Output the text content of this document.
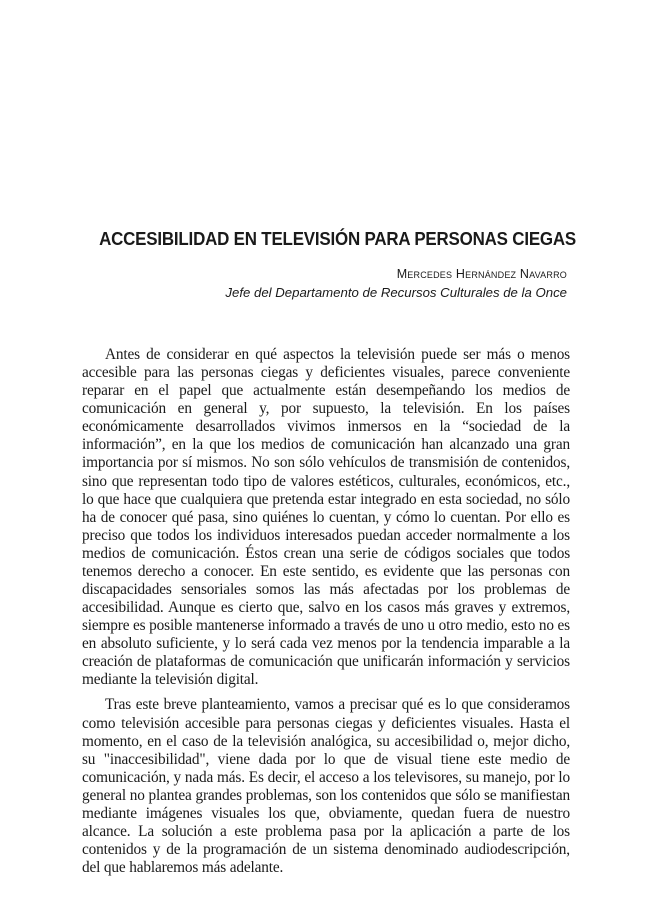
ACCESIBILIDAD EN TELEVISIÓN PARA PERSONAS CIEGAS
Mercedes Hernández Navarro
Jefe del Departamento de Recursos Culturales de la Once

Antes de considerar en qué aspectos la televisión puede ser más o menos accesible para las personas ciegas y deficientes visuales, parece conveniente reparar en el papel que actualmente están desempeñando los medios de comunicación en general y, por supuesto, la televisión. En los países económicamente desarrollados vivimos inmersos en la “sociedad de la información”, en la que los medios de comunicación han alcanzado una gran importancia por sí mismos. No son sólo vehículos de transmisión de contenidos, sino que representan todo tipo de valores estéticos, culturales, económicos, etc., lo que hace que cualquiera que pretenda estar integrado en esta sociedad, no sólo ha de conocer qué pasa, sino quiénes lo cuentan, y cómo lo cuentan. Por ello es preciso que todos los individuos interesados puedan acceder normalmente a los medios de comunicación. Éstos crean una serie de códigos sociales que todos tenemos derecho a conocer. En este sentido, es evidente que las personas con discapacidades sensoriales somos las más afectadas por los problemas de accesibilidad. Aunque es cierto que, salvo en los casos más graves y extremos, siempre es posible mantenerse informado a través de uno u otro medio, esto no es en absoluto suficiente, y lo será cada vez menos por la tendencia imparable a la creación de plataformas de comunicación que unificarán información y servicios mediante la televisión digital.

Tras este breve planteamiento, vamos a precisar qué es lo que consideramos como televisión accesible para personas ciegas y deficientes visuales. Hasta el momento, en el caso de la televisión analógica, su accesibilidad o, mejor dicho, su "inaccesibilidad", viene dada por lo que de visual tiene este medio de comunicación, y nada más. Es decir, el acceso a los televisores, su manejo, por lo general no plantea grandes problemas, son los contenidos que sólo se manifiestan mediante imágenes visuales los que, obviamente, quedan fuera de nuestro alcance. La solución a este problema pasa por la aplicación a parte de los contenidos y de la programación de un sistema denominado audiodescripción, del que hablaremos más adelante.
